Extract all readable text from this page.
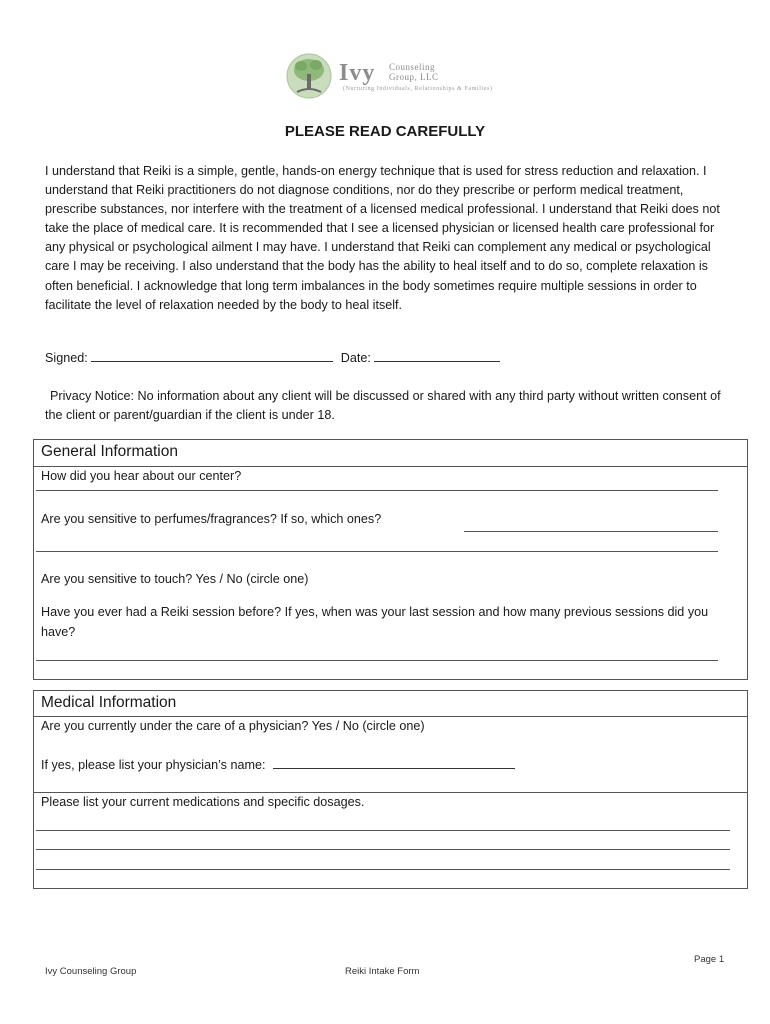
Ivy Counseling
Group, LLC
(Nurturing Individuals, Relationships & Families)
PLEASE READ CAREFULLY
I understand that Reiki is a simple, gentle, hands-on energy technique that is used for stress reduction and relaxation. I understand that Reiki practitioners do not diagnose conditions, nor do they prescribe or perform medical treatment, prescribe substances, nor interfere with the treatment of a licensed medical professional. I understand that Reiki does not take the place of medical care. It is recommended that I see a licensed physician or licensed health care professional for any physical or psychological ailment I may have. I understand that Reiki can complement any medical or psychological care I may be receiving. I also understand that the body has the ability to heal itself and to do so, complete relaxation is often beneficial. I acknowledge that long term imbalances in the body sometimes require multiple sessions in order to facilitate the level of relaxation needed by the body to heal itself.
Signed:	Date:
Privacy Notice: No information about any client will be discussed or shared with any third party without written consent of the client or parent/guardian if the client is under 18.
General Information
How did you hear about our center?
Are you sensitive to perfumes/fragrances? If so, which ones?
Are you sensitive to touch? Yes / No (circle one)
Have you ever had a Reiki session before? If yes, when was your last session and how many previous sessions did you have?
Medical Information
Are you currently under the care of a physician? Yes / No (circle one)
If yes, please list your physician’s name:
Please list your current medications and specific dosages.
Page 1
Ivy Counseling Group	Reiki Intake Form
